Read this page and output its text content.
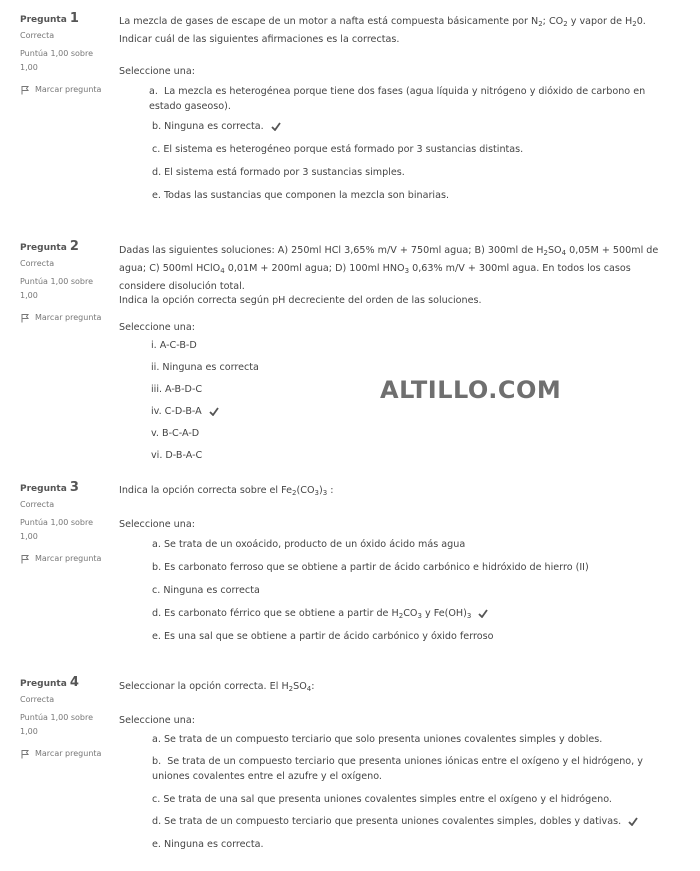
ALTILLO.COM
Pregunta 1
Correcta
Puntúa 1,00 sobre 1,00
Marcar pregunta

La mezcla de gases de escape de un motor a nafta está compuesta básicamente por $N_2$; $CO_2$ y vapor de $H_20$. Indicar cuál de las siguientes afirmaciones es la correctas.

Seleccione una:

a. La mezcla es heterogénea porque tiene dos fases (agua líquida y nitrógeno y dióxido de carbono en estado gaseoso).
b. Ninguna es correcta.
c. El sistema es heterogéneo porque está formado por 3 sustancias distintas.
d. El sistema está formado por 3 sustancias simples.
e. Todas las sustancias que componen la mezcla son binarias.
Pregunta 2
Correcta
Puntúa 1,00 sobre 1,00
Marcar pregunta

Dadas las siguientes soluciones: A) 250ml HCl 3,65% m/V + 750ml agua; B) 300ml de $H_2SO_4$ 0,05M + 500ml de agua; C) 500ml HClO$_4$ 0,01M + 200ml agua; D) 100ml $HNO_3$ 0,63% m/V + 300ml agua. En todos los casos considere disolución total.

Indica la opción correcta según pH decreciente del orden de las soluciones.

Seleccione una:

i. A-C-B-D
ii. Ninguna es correcta
iii. A-B-D-C
iv. C-D-B-A
v. B-C-A-D
vi. D-B-A-C
Pregunta 3
Correcta
Puntúa 1,00 sobre 1,00
Marcar pregunta

Indica la opción correcta sobre el $Fe_2(CO_3)_3$ :

Seleccione una:

a. Se trata de un oxoácido, producto de un óxido ácido más agua
b. Es carbonato ferroso que se obtiene a partir de ácido carbónico e hidróxido de hierro (II)
c. Ninguna es correcta
d. Es carbonato férrico que se obtiene a partir de $H_2CO_3$ y $Fe(OH)_3$
e. Es una sal que se obtiene a partir de ácido carbónico y óxido ferroso
Pregunta 4
Correcta
Puntúa 1,00 sobre 1,00
Marcar pregunta

Seleccionar la opción correcta. El $H_2SO_4$:

Seleccione una:

a. Se trata de un compuesto terciario que solo presenta uniones covalentes simples y dobles.
b. Se trata de un compuesto terciario que presenta uniones iónicas entre el oxígeno y el hidrógeno, y uniones covalentes entre el azufre y el oxígeno.
c. Se trata de una sal que presenta uniones covalentes simples entre el oxígeno y el hidrógeno.
d. Se trata de un compuesto terciario que presenta uniones covalentes simples, dobles y dativas.
e. Ninguna es correcta.
